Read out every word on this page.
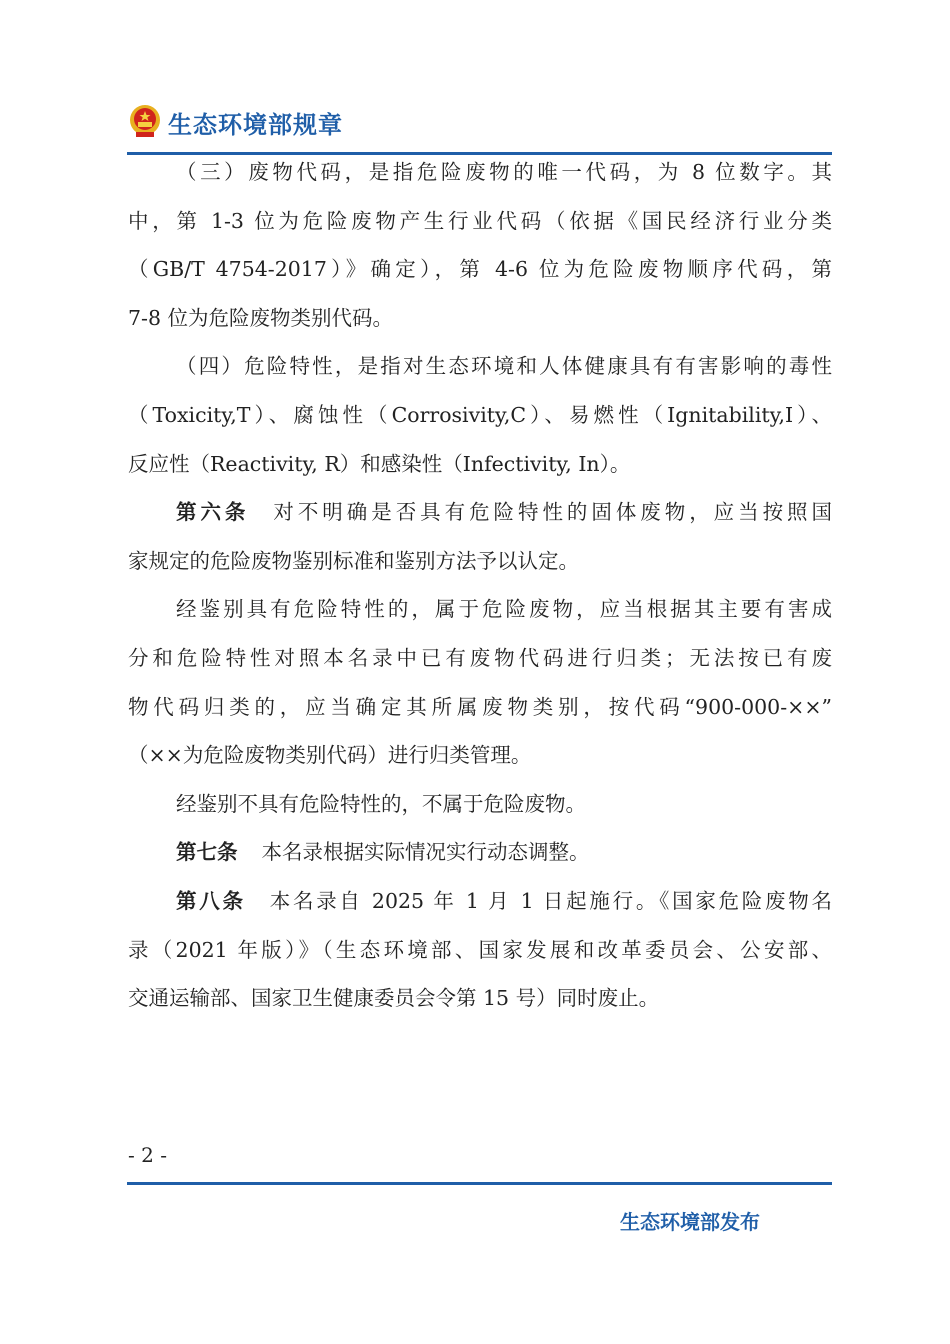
生态环境部规章
（三）废物代码，是指危险废物的唯一代码，为 8 位数字。其
中，第 1-3 位为危险废物产生行业代码（依据《国民经济行业分类
（GB/T 4754-2017）》确定），第 4-6 位为危险废物顺序代码，第
7-8 位为危险废物类别代码。
（四）危险特性，是指对生态环境和人体健康具有有害影响的毒性
（Toxicity,T）、腐蚀性（Corrosivity,C）、易燃性（Ignitability,I）、
反应性（Reactivity, R）和感染性（Infectivity, In）。
第六条 对不明确是否具有危险特性的固体废物，应当按照国
家规定的危险废物鉴别标准和鉴别方法予以认定。
经鉴别具有危险特性的，属于危险废物，应当根据其主要有害成
分和危险特性对照本名录中已有废物代码进行归类；无法按已有废
物代码归类的，应当确定其所属废物类别，按代码“900-000-××”
（××为危险废物类别代码）进行归类管理。
经鉴别不具有危险特性的，不属于危险废物。
第七条 本名录根据实际情况实行动态调整。
第八条 本名录自 2025 年 1 月 1 日起施行。《国家危险废物名
录（2021 年版）》（生态环境部、国家发展和改革委员会、公安部、
交通运输部、国家卫生健康委员会令第 15 号）同时废止。
- 2 -
生态环境部发布
